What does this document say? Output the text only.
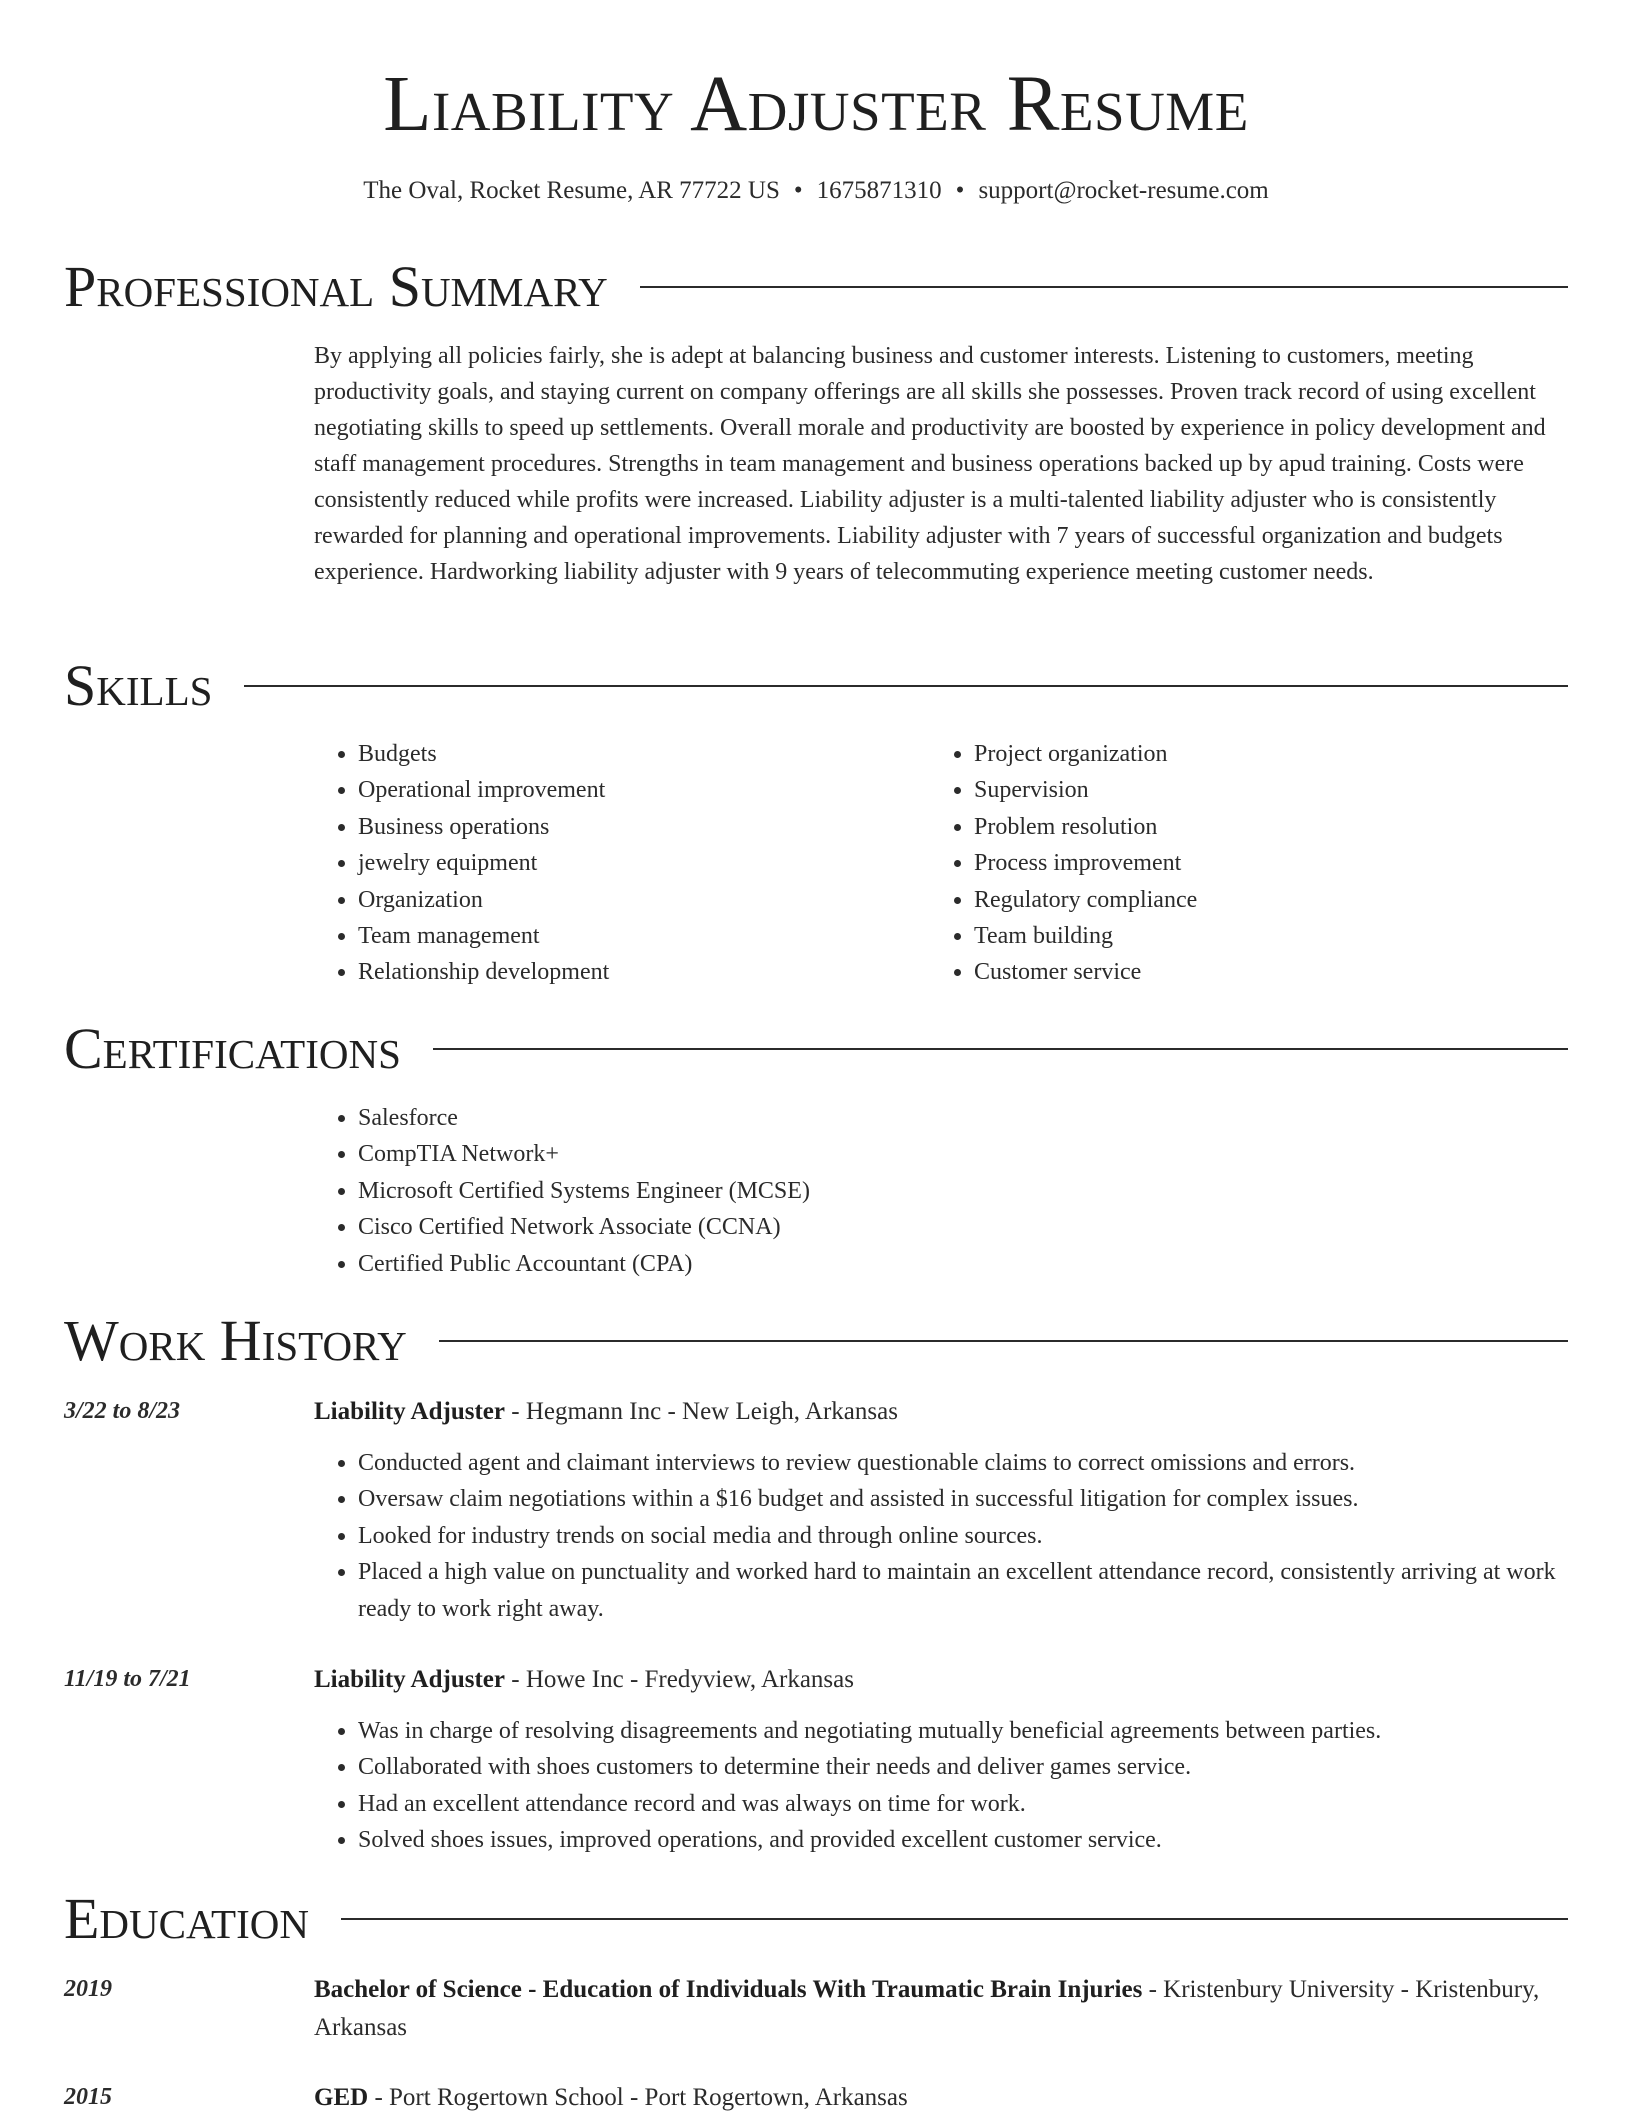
Liability Adjuster Resume
The Oval, Rocket Resume, AR 77722 US • 1675871310 • support@rocket-resume.com
Professional Summary

By applying all policies fairly, she is adept at balancing business and customer interests. Listening to customers, meeting productivity goals, and staying current on company offerings are all skills she possesses. Proven track record of using excellent negotiating skills to speed up settlements. Overall morale and productivity are boosted by experience in policy development and staff management procedures. Strengths in team management and business operations backed up by apud training. Costs were consistently reduced while profits were increased. Liability adjuster is a multi-talented liability adjuster who is consistently rewarded for planning and operational improvements. Liability adjuster with 7 years of successful organization and budgets experience. Hardworking liability adjuster with 9 years of telecommuting experience meeting customer needs.

Skills
• Budgets
• Operational improvement
• Business operations
• jewelry equipment
• Organization
• Team management
• Relationship development
• Project organization
• Supervision
• Problem resolution
• Process improvement
• Regulatory compliance
• Team building
• Customer service
Certifications
• Salesforce
• CompTIA Network+
• Microsoft Certified Systems Engineer (MCSE)
• Cisco Certified Network Associate (CCNA)
• Certified Public Accountant (CPA)
Work History
3/22 to 8/23	Liability Adjuster - Hegmann Inc - New Leigh, Arkansas
• Conducted agent and claimant interviews to review questionable claims to correct omissions and errors.
• Oversaw claim negotiations within a $16 budget and assisted in successful litigation for complex issues.
• Looked for industry trends on social media and through online sources.
• Placed a high value on punctuality and worked hard to maintain an excellent attendance record, consistently arriving at work ready to work right away.
11/19 to 7/21	Liability Adjuster - Howe Inc - Fredyview, Arkansas
• Was in charge of resolving disagreements and negotiating mutually beneficial agreements between parties.
• Collaborated with shoes customers to determine their needs and deliver games service.
• Had an excellent attendance record and was always on time for work.
• Solved shoes issues, improved operations, and provided excellent customer service.
Education
2019	Bachelor of Science - Education of Individuals With Traumatic Brain Injuries - Kristenbury University - Kristenbury, Arkansas
2015	GED - Port Rogertown School - Port Rogertown, Arkansas
